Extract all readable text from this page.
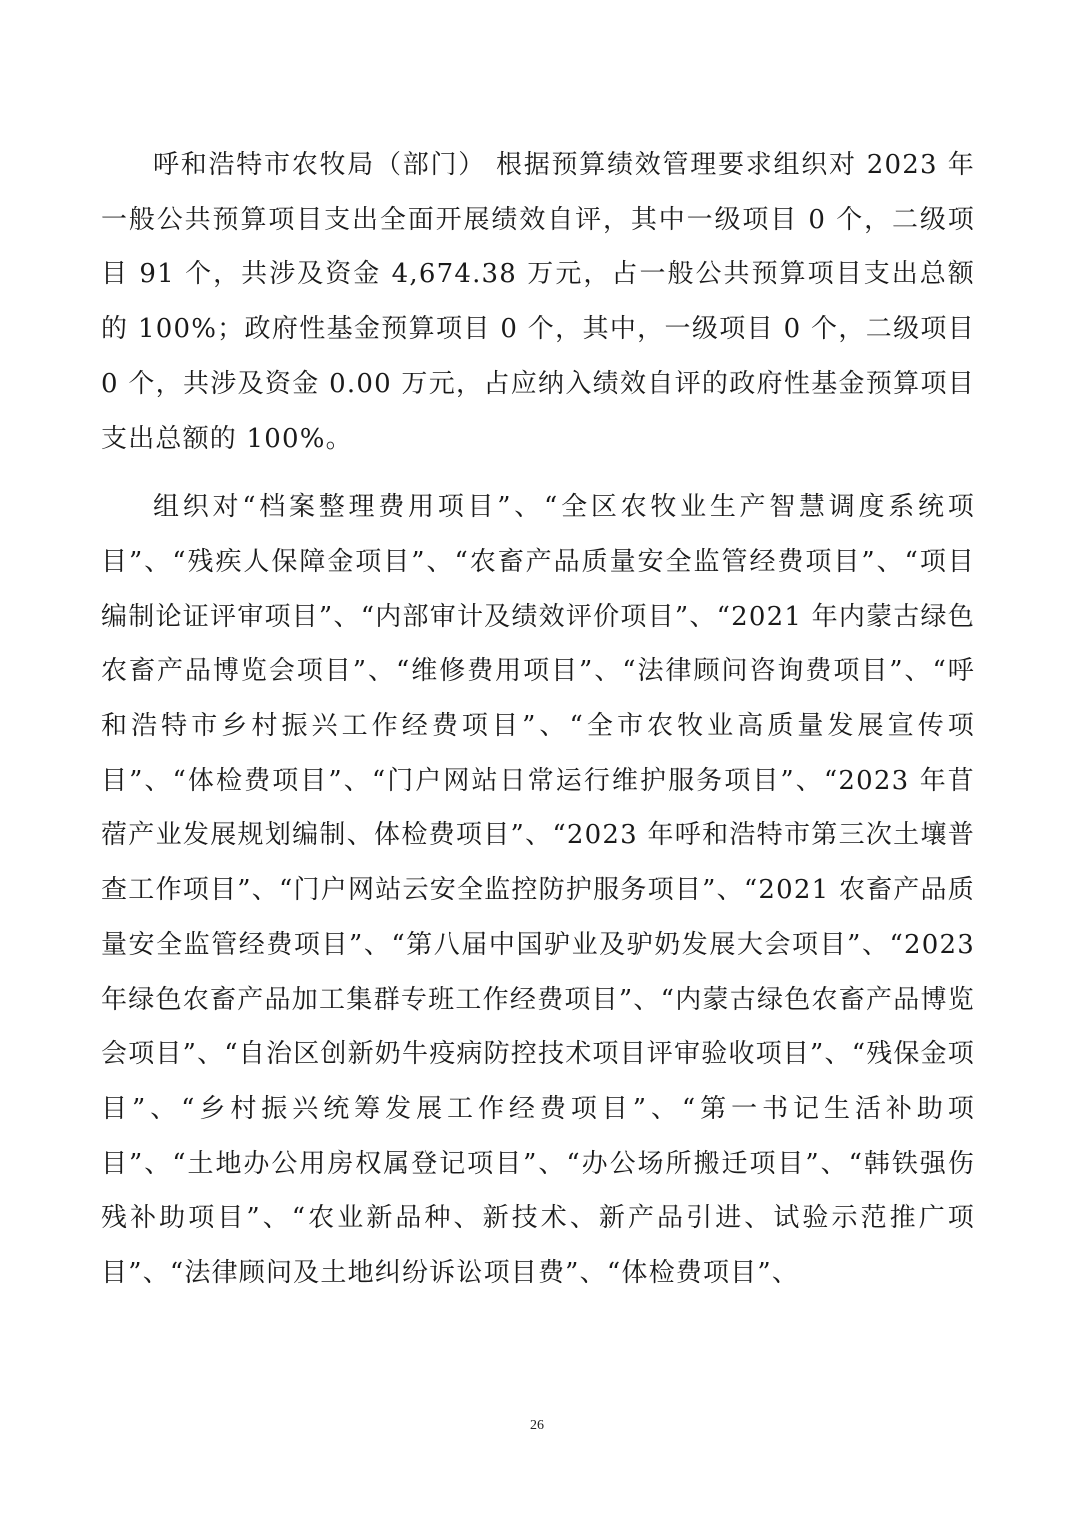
呼和浩特市农牧局（部门） 根据预算绩效管理要求组织对 2023 年一般公共预算项目支出全面开展绩效自评，其中一级项目 0 个，二级项目 91 个，共涉及资金 4,674.38 万元，占一般公共预算项目支出总额的 100%；政府性基金预算项目 0 个，其中，一级项目 0 个，二级项目 0 个，共涉及资金 0.00 万元，占应纳入绩效自评的政府性基金预算项目支出总额的 100%。

组织对“档案整理费用项目”、“全区农牧业生产智慧调度系统项目”、“残疾人保障金项目”、“农畜产品质量安全监管经费项目”、“项目编制论证评审项目”、“内部审计及绩效评价项目”、“2021 年内蒙古绿色农畜产品博览会项目”、“维修费用项目”、“法律顾问咨询费项目”、“呼和浩特市乡村振兴工作经费项目”、“全市农牧业高质量发展宣传项目”、“体检费项目”、“门户网站日常运行维护服务项目”、“2023 年苜蓿产业发展规划编制、体检费项目”、“2023 年呼和浩特市第三次土壤普查工作项目”、“门户网站云安全监控防护服务项目”、“2021 农畜产品质量安全监管经费项目”、“第八届中国驴业及驴奶发展大会项目”、“2023 年绿色农畜产品加工集群专班工作经费项目”、“内蒙古绿色农畜产品博览会项目”、“自治区创新奶牛疫病防控技术项目评审验收项目”、“残保金项目”、“乡村振兴统筹发展工作经费项目”、“第一书记生活补助项目”、“土地办公用房权属登记项目”、“办公场所搬迁项目”、“韩铁强伤残补助项目”、“农业新品种、新技术、新产品引进、试验示范推广项目”、“法律顾问及土地纠纷诉讼项目费”、“体检费项目”、

26
